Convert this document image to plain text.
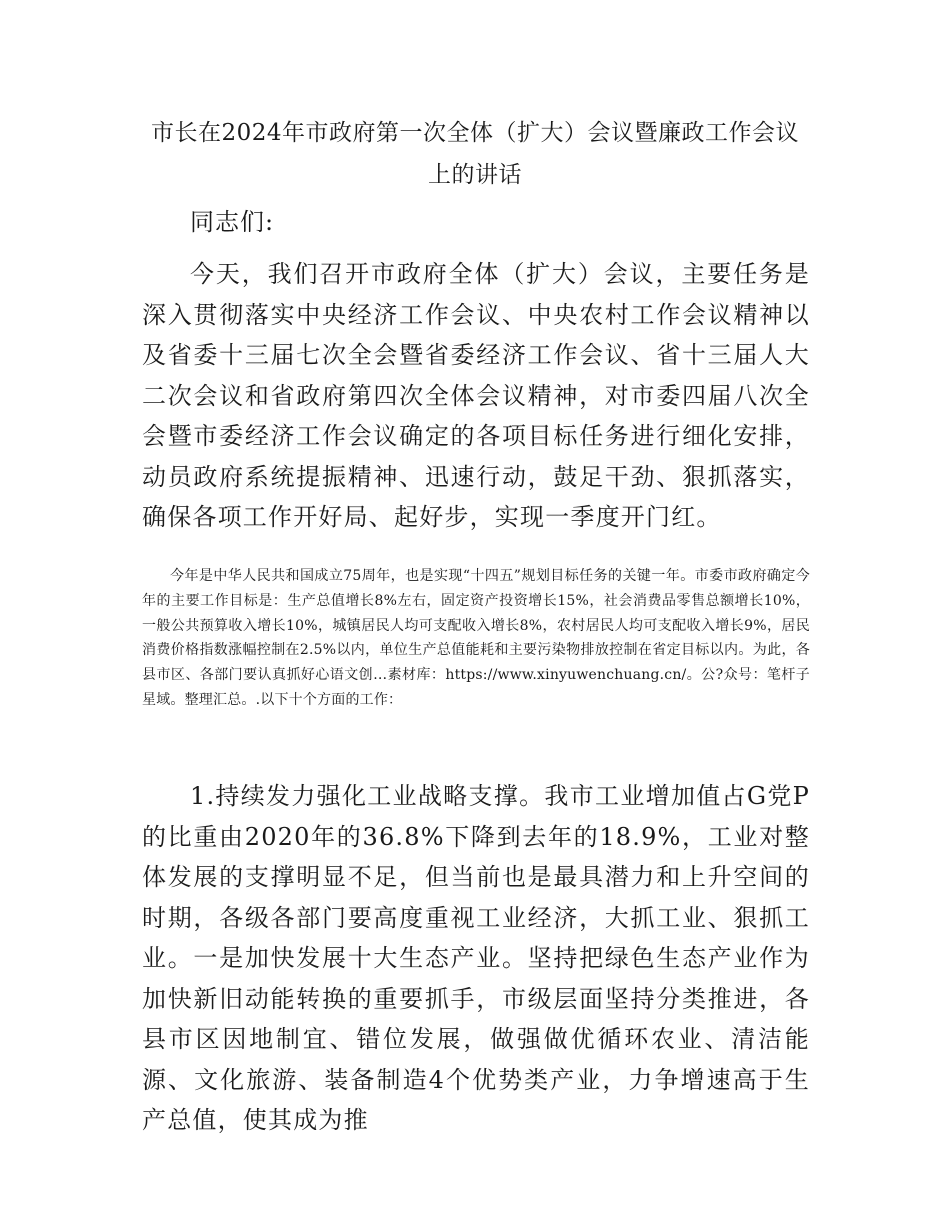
市长在2024年市政府第一次全体（扩大）会议暨廉政工作会议上的讲话
同志们:

今天，我们召开市政府全体（扩大）会议，主要任务是深入贯彻落实中央经济工作会议、中央农村工作会议精神以及省委十三届七次全会暨省委经济工作会议、省十三届人大二次会议和省政府第四次全体会议精神，对市委四届八次全会暨市委经济工作会议确定的各项目标任务进行细化安排，动员政府系统提振精神、迅速行动，鼓足干劲、狠抓落实，确保各项工作开好局、起好步，实现一季度开门红。

今年是中华人民共和国成立75周年，也是实现“十四五”规划目标任务的关键一年。市委市政府确定今年的主要工作目标是：生产总值增长8%左右，固定资产投资增长15%，社会消费品零售总额增长10%，一般公共预算收入增长10%，城镇居民人均可支配收入增长8%，农村居民人均可支配收入增长9%，居民消费价格指数涨幅控制在2.5%以内，单位生产总值能耗和主要污染物排放控制在省定目标以内。为此，各县市区、各部门要认真抓好心语文创…素材库：https://www.xinyuwenchuang.cn/。公?众号：笔杆子星域。整理汇总。.以下十个方面的工作：

1.持续发力强化工业战略支撑。我市工业增加值占G党P的比重由2020年的36.8%下降到去年的18.9%，工业对整体发展的支撑明显不足，但当前也是最具潜力和上升空间的时期，各级各部门要高度重视工业经济，大抓工业、狠抓工业。一是加快发展十大生态产业。坚持把绿色生态产业作为加快新旧动能转换的重要抓手，市级层面坚持分类推进，各县市区因地制宜、错位发展，做强做优循环农业、清洁能源、文化旅游、装备制造4个优势类产业，力争增速高于生产总值，使其成为推
